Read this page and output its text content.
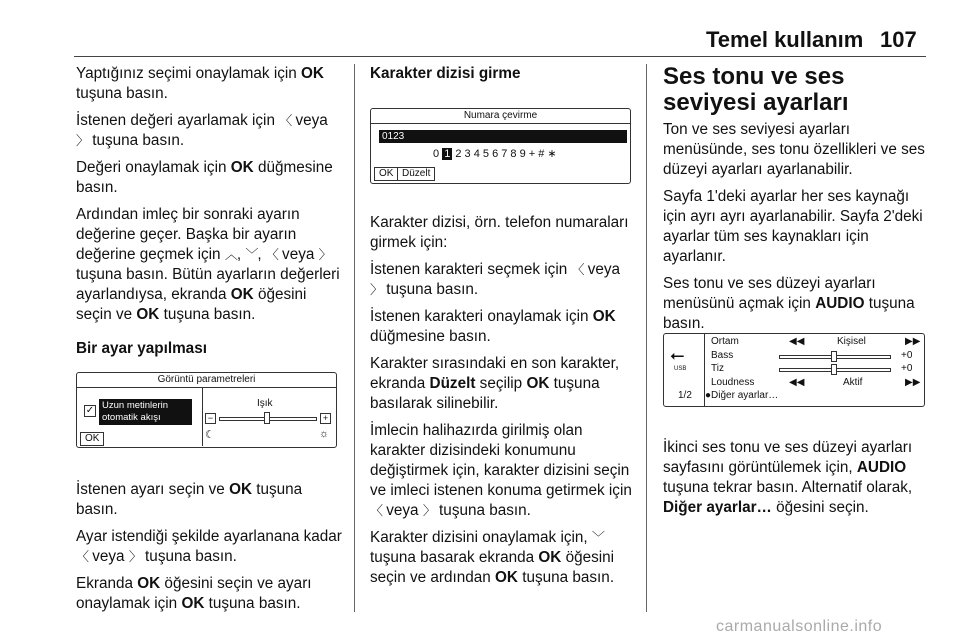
Temel kullanım 107

Yaptığınız seçimi onaylamak için OK
tuşuna basın.

İstenen değeri ayarlamak için 〈 veya
〉 tuşuna basın.

Değeri onaylamak için OK düğmesine basın.

Ardından imleç bir sonraki ayarın değerine geçer. Başka bir ayarın değerine geçmek için ︿, ﹀, 〈 veya 〉 tuşuna basın. Bütün ayarların değerleri ayarlandıysa, ekranda OK öğesini seçin ve OK tuşuna basın.

Bir ayar yapılması

Görüntü parametreleri
✓ Uzun metinlerin
otomatik akışı
Işık
−	+
☾	☼
OK

İstenen ayarı seçin ve OK tuşuna basın.

Ayar istendiği şekilde ayarlanana kadar 〈 veya 〉 tuşuna basın.

Ekranda OK öğesini seçin ve ayarı onaylamak için OK tuşuna basın.

Karakter dizisi girme

Numara çevirme
0123
0 1 2 3 4 5 6 7 8 9 + # ∗
OK Düzelt

Karakter dizisi, örn. telefon numaraları girmek için:

İstenen karakteri seçmek için 〈 veya
〉 tuşuna basın.

İstenen karakteri onaylamak için OK
düğmesine basın.

Karakter sırasındaki en son karakter, ekranda Düzelt seçilip OK tuşuna basılarak silinebilir.

İmlecin halihazırda girilmiş olan karakter dizisindeki konumunu değiştirmek için, karakter dizisini seçin ve imleci istenen konuma getirmek için 〈 veya 〉 tuşuna basın.

Karakter dizisini onaylamak için, ﹀
tuşuna basarak ekranda OK öğesini seçin ve ardından OK tuşuna basın.

Ses tonu ve ses seviyesi ayarları

Ton ve ses seviyesi ayarları menüsünde, ses tonu özellikleri ve ses düzeyi ayarları ayarlanabilir.

Sayfa 1'deki ayarlar her ses kaynağı için ayrı ayrı ayarlanabilir. Sayfa 2'deki ayarlar tüm ses kaynakları için ayarlanır.

Ses tonu ve ses düzeyi ayarları menüsünü açmak için AUDIO tuşuna basın.

⭠
USB
1/2
Ortam	◀◀	Kişisel	▶▶
Bass	+0
Tiz	+0
Loudness	◀◀	Aktif	▶▶
●Diğer ayarlar…

İkinci ses tonu ve ses düzeyi ayarları sayfasını görüntülemek için, AUDIO tuşuna tekrar basın. Alternatif olarak, Diğer ayarlar… öğesini seçin.

carmanualsonline.info
